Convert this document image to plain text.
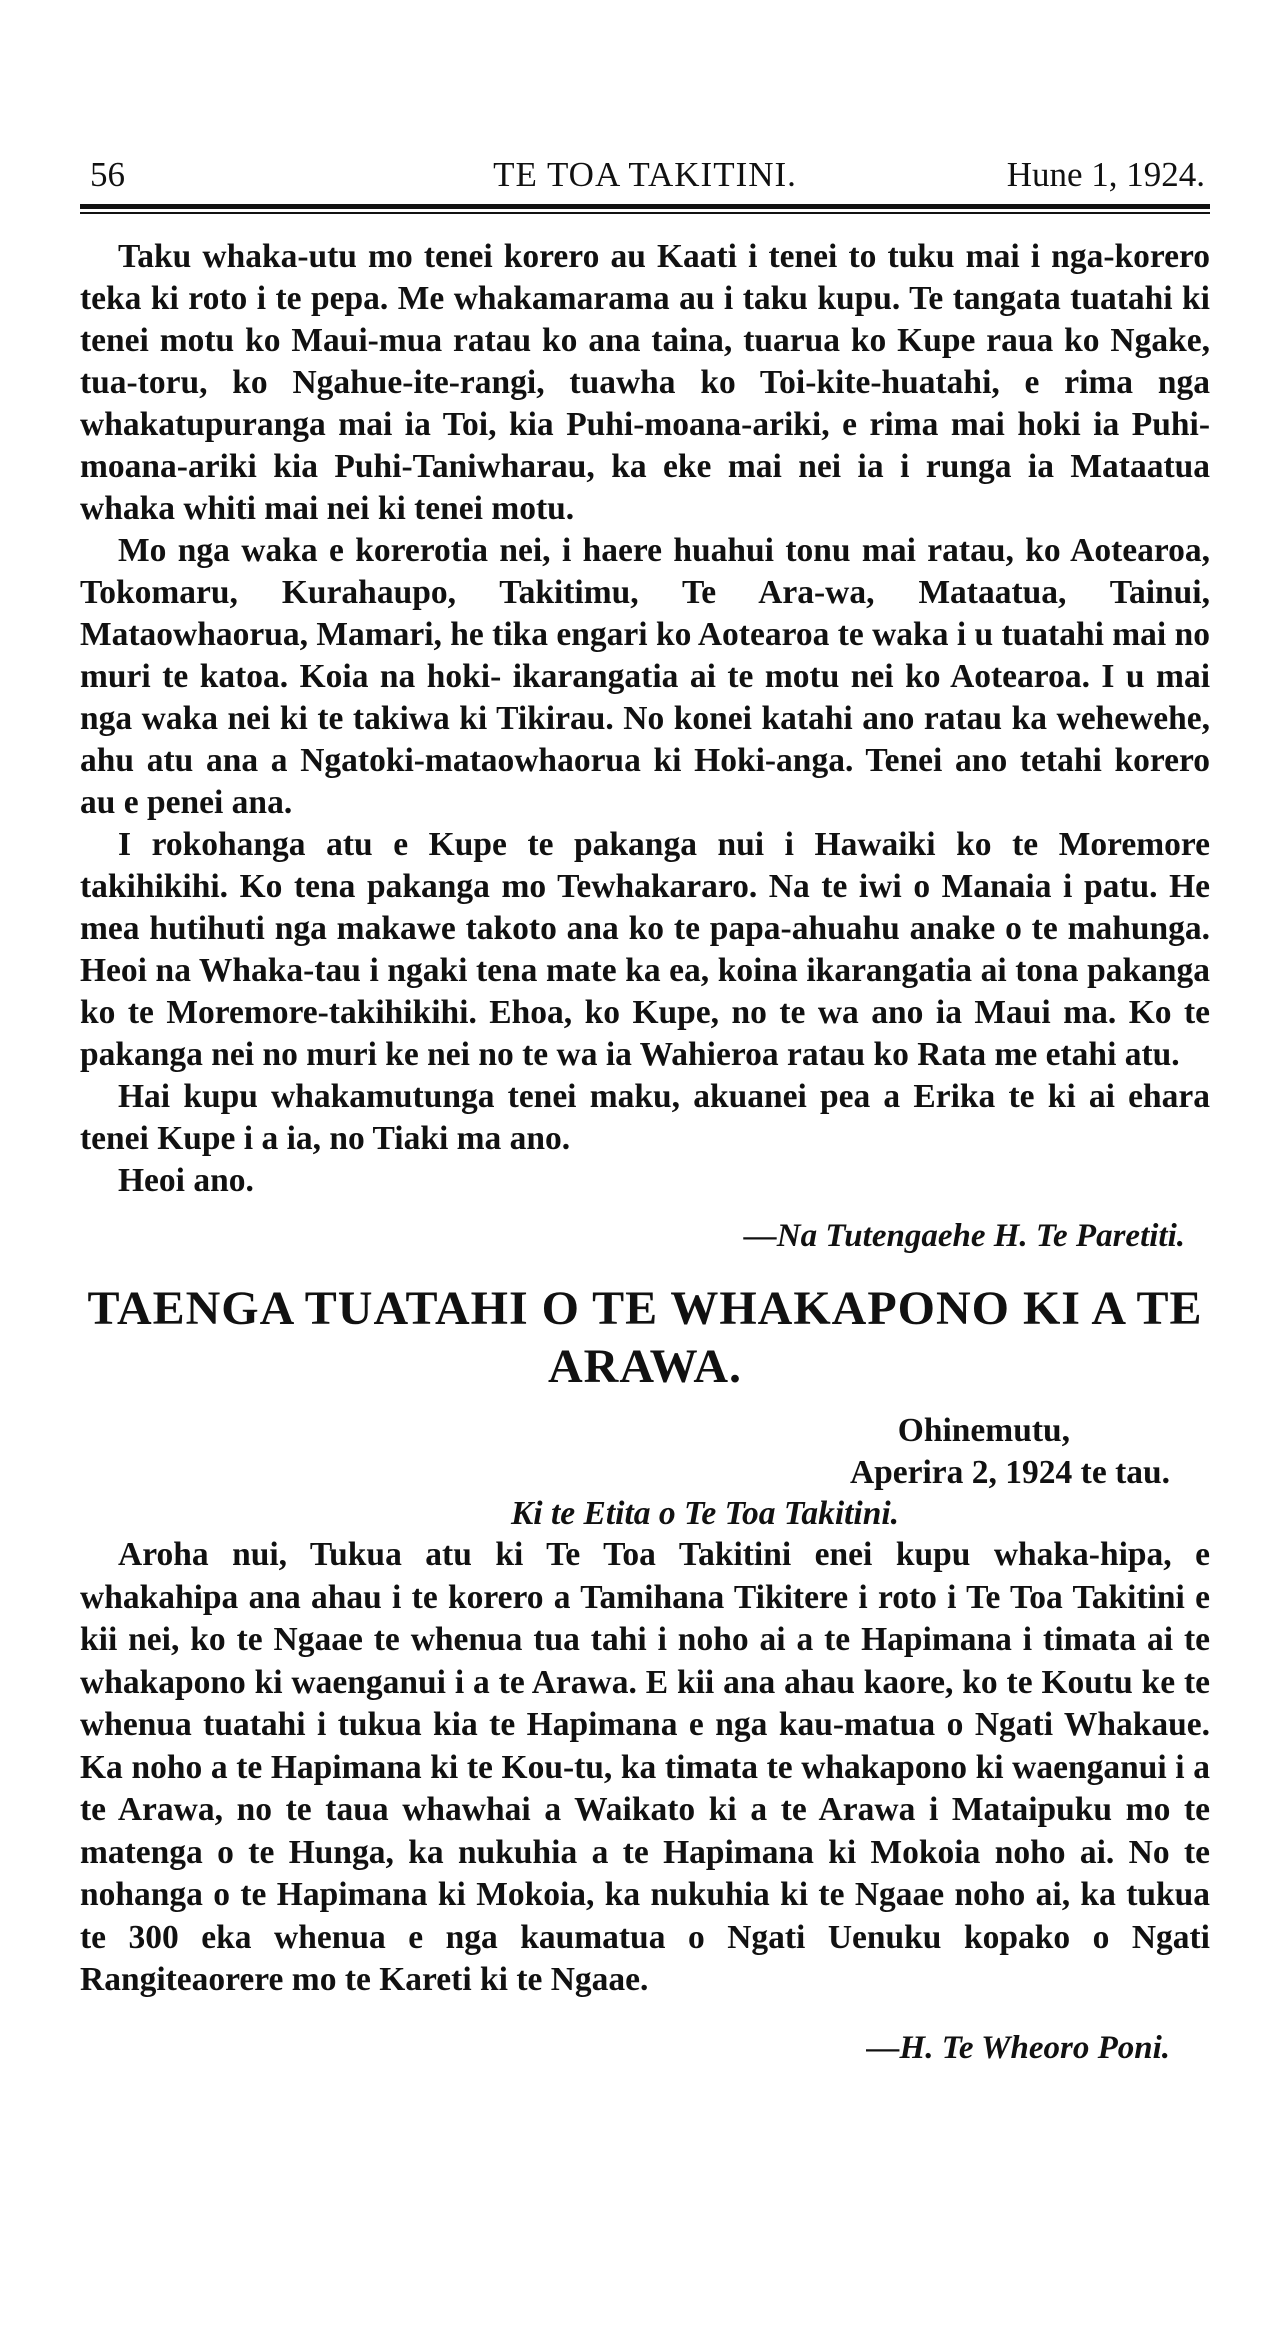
56	TE TOA TAKITINI.	Hune 1, 1924.

Taku whaka-utu mo tenei korero au Kaati i tenei to tuku mai i nga-korero teka ki roto i te pepa. Me whakamarama au i taku kupu. Te tangata tuatahi ki tenei motu ko Maui-mua ratau ko ana taina, tuarua ko Kupe raua ko Ngake, tua-toru, ko Ngahue-ite-rangi, tuawha ko Toi-kite-huatahi, e rima nga whakatupuranga mai ia Toi, kia Puhi-moana-ariki, e rima mai hoki ia Puhi-moana-ariki kia Puhi-Taniwharau, ka eke mai nei ia i runga ia Mataatua whaka whiti mai nei ki tenei motu.

Mo nga waka e korerotia nei, i haere huahui tonu mai ratau, ko Aotearoa, Tokomaru, Kurahaupo, Takitimu, Te Ara-wa, Mataatua, Tainui, Mataowhaorua, Mamari, he tika engari ko Aotearoa te waka i u tuatahi mai no muri te katoa. Koia na hoki- ikarangatia ai te motu nei ko Aotearoa. I u mai nga waka nei ki te takiwa ki Tikirau. No konei katahi ano ratau ka wehewehe, ahu atu ana a Ngatoki-mataowhaorua ki Hoki-anga. Tenei ano tetahi korero au e penei ana.

I rokohanga atu e Kupe te pakanga nui i Hawaiki ko te Moremore takihikihi. Ko tena pakanga mo Tewhakararo. Na te iwi o Manaia i patu. He mea hutihuti nga makawe takoto ana ko te papa-ahuahu anake o te mahunga. Heoi na Whaka-tau i ngaki tena mate ka ea, koina ikarangatia ai tona pakanga ko te Moremore-takihikihi. Ehoa, ko Kupe, no te wa ano ia Maui ma. Ko te pakanga nei no muri ke nei no te wa ia Wahieroa ratau ko Rata me etahi atu.

Hai kupu whakamutunga tenei maku, akuanei pea a Erika te ki ai ehara tenei Kupe i a ia, no Tiaki ma ano.

Heoi ano.

—Na Tutengaehe H. Te Paretiti.
TAENGA TUATAHI O TE WHAKAPONO KI A TE ARAWA.
Ohinemutu,
Aperira 2, 1924 te tau.
Ki te Etita o Te Toa Takitini.

Aroha nui, Tukua atu ki Te Toa Takitini enei kupu whaka-hipa, e whakahipa ana ahau i te korero a Tamihana Tikitere i roto i Te Toa Takitini e kii nei, ko te Ngaae te whenua tua tahi i noho ai a te Hapimana i timata ai te whakapono ki waenganui i a te Arawa. E kii ana ahau kaore, ko te Koutu ke te whenua tuatahi i tukua kia te Hapimana e nga kau-matua o Ngati Whakaue. Ka noho a te Hapimana ki te Kou-tu, ka timata te whakapono ki waenganui i a te Arawa, no te taua whawhai a Waikato ki a te Arawa i Mataipuku mo te matenga o te Hunga, ka nukuhia a te Hapimana ki Mokoia noho ai. No te nohanga o te Hapimana ki Mokoia, ka nukuhia ki te Ngaae noho ai, ka tukua te 300 eka whenua e nga kaumatua o Ngati Uenuku kopako o Ngati Rangiteaorere mo te Kareti ki te Ngaae.

—H. Te Wheoro Poni.
